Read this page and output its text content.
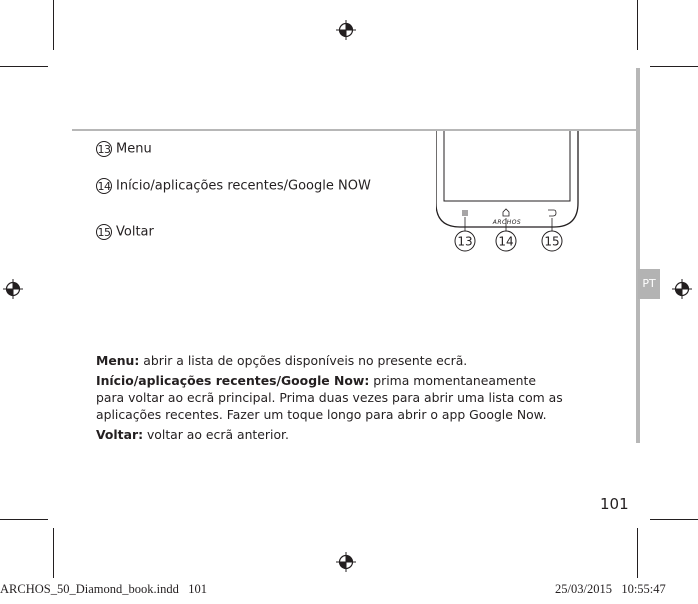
13 Menu
14 Início/aplicações recentes/Google NOW
15 Voltar
ARCHOS
13 14	15
PT
Menu: abrir a lista de opções disponíveis no presente ecrã.
Início/aplicações recentes/Google Now: prima momentaneamente
para voltar ao ecrã principal. Prima duas vezes para abrir uma lista com as
aplicações recentes. Fazer um toque longo para abrir o app Google Now.
Voltar: voltar ao ecrã anterior.
101
ARCHOS_50_Diamond_book.indd   101	25/03/2015   10:55:47
